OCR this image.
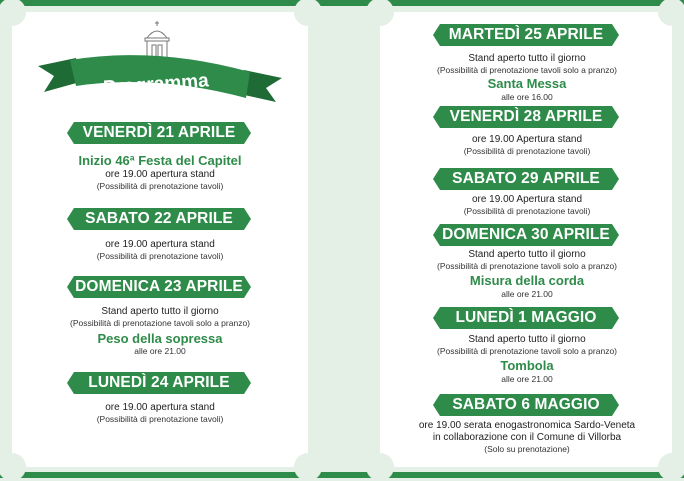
Programma
VENERDÌ 21 APRILE
Inizio 46ª Festa del Capitel
ore 19.00 apertura stand
(Possibilità di prenotazione tavoli)
SABATO 22 APRILE
ore 19.00 apertura stand
(Possibilità di prenotazione tavoli)
DOMENICA 23 APRILE
Stand aperto tutto il giorno
(Possibilità di prenotazione tavoli solo a pranzo)
Peso della sopressa
alle ore 21.00
LUNEDÌ 24 APRILE
ore 19.00 apertura stand
(Possibilità di prenotazione tavoli)
MARTEDÌ 25 APRILE
Stand aperto tutto il giorno
(Possibilità di prenotazione tavoli solo a pranzo)
Santa Messa
alle ore 16.00
VENERDÌ 28 APRILE
ore 19.00 Apertura stand
(Possibilità di prenotazione tavoli)
SABATO 29 APRILE
ore 19.00 Apertura stand
(Possibilità di prenotazione tavoli)
DOMENICA 30 APRILE
Stand aperto tutto il giorno
(Possibilità di prenotazione tavoli solo a pranzo)
Misura della corda
alle ore 21.00
LUNEDÌ 1 MAGGIO
Stand aperto tutto il giorno
(Possibilità di prenotazione tavoli solo a pranzo)
Tombola
alle ore 21.00
SABATO 6 MAGGIO
ore 19.00 serata enogastronomica Sardo-Veneta
in collaborazione con il Comune di Villorba
(Solo su prenotazione)
